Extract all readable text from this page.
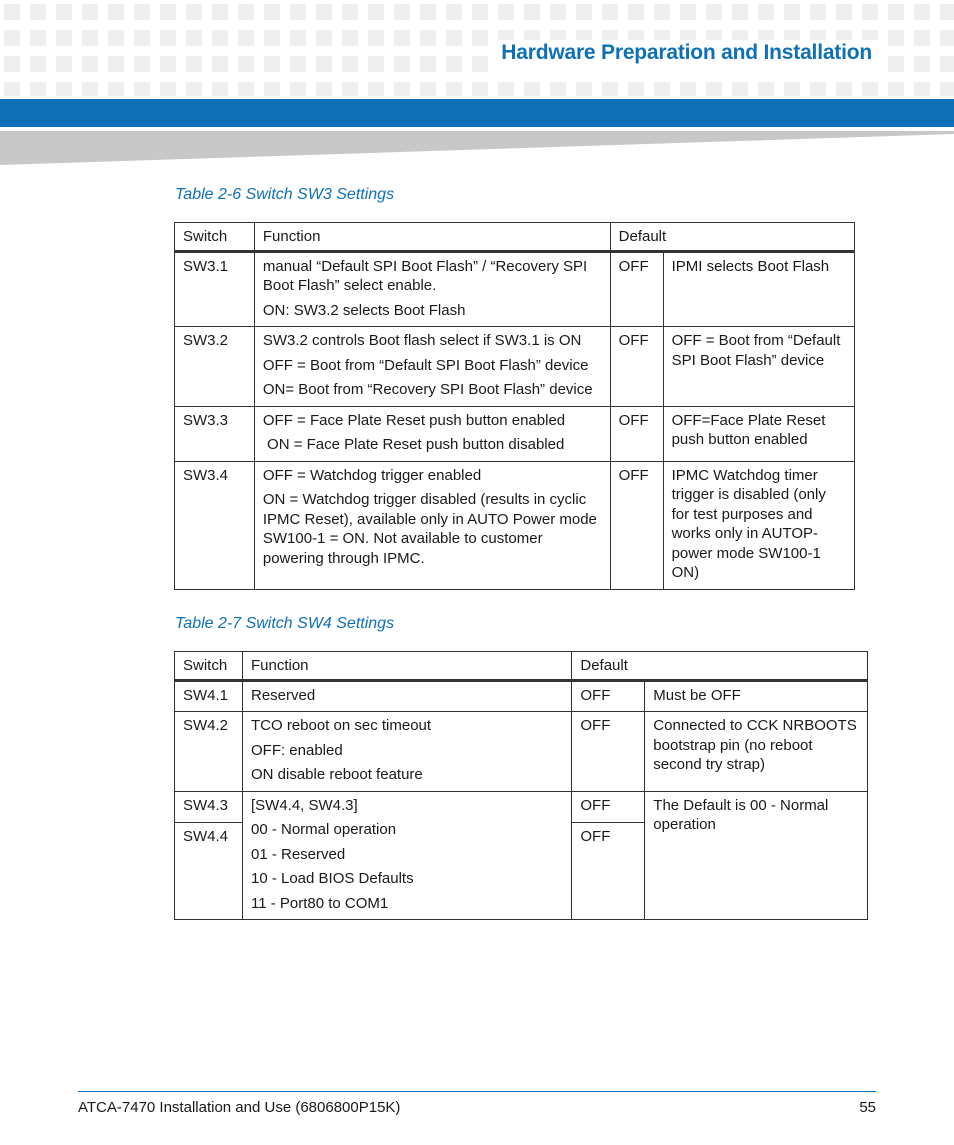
Hardware Preparation and Installation
Table 2-6 Switch SW3 Settings
Switch	Function	Default	
SW3.1	manual “Default SPI Boot Flash” / “Recovery SPI Boot Flash” select enable.
ON: SW3.2 selects Boot Flash	OFF	IPMI selects Boot Flash
SW3.2	SW3.2 controls Boot flash select if SW3.1 is ON
OFF = Boot from “Default SPI Boot Flash” device
ON= Boot from “Recovery SPI Boot Flash” device	OFF	OFF = Boot from “Default SPI Boot Flash” device
SW3.3	OFF = Face Plate Reset push button enabled
ON = Face Plate Reset push button disabled	OFF	OFF=Face Plate Reset push button enabled
SW3.4	OFF = Watchdog trigger enabled
ON = Watchdog trigger disabled (results in cyclic IPMC Reset), available only in AUTO Power mode SW100-1 = ON. Not available to customer powering through IPMC.	OFF	IPMC Watchdog timer trigger is disabled (only for test purposes and works only in AUTOP-power mode SW100-1 ON)
Table 2-7 Switch SW4 Settings
Switch	Function	Default	
SW4.1	Reserved	OFF	Must be OFF
SW4.2	TCO reboot on sec timeout
OFF: enabled
ON disable reboot feature	OFF	Connected to CCK NRBOOTS bootstrap pin (no reboot second try strap)
SW4.3	[SW4.4, SW4.3]
00 - Normal operation
01 - Reserved
10 - Load BIOS Defaults
11 - Port80 to COM1	OFF	The Default is 00 - Normal operation
SW4.4		OFF	
ATCA-7470 Installation and Use (6806800P15K)	55
